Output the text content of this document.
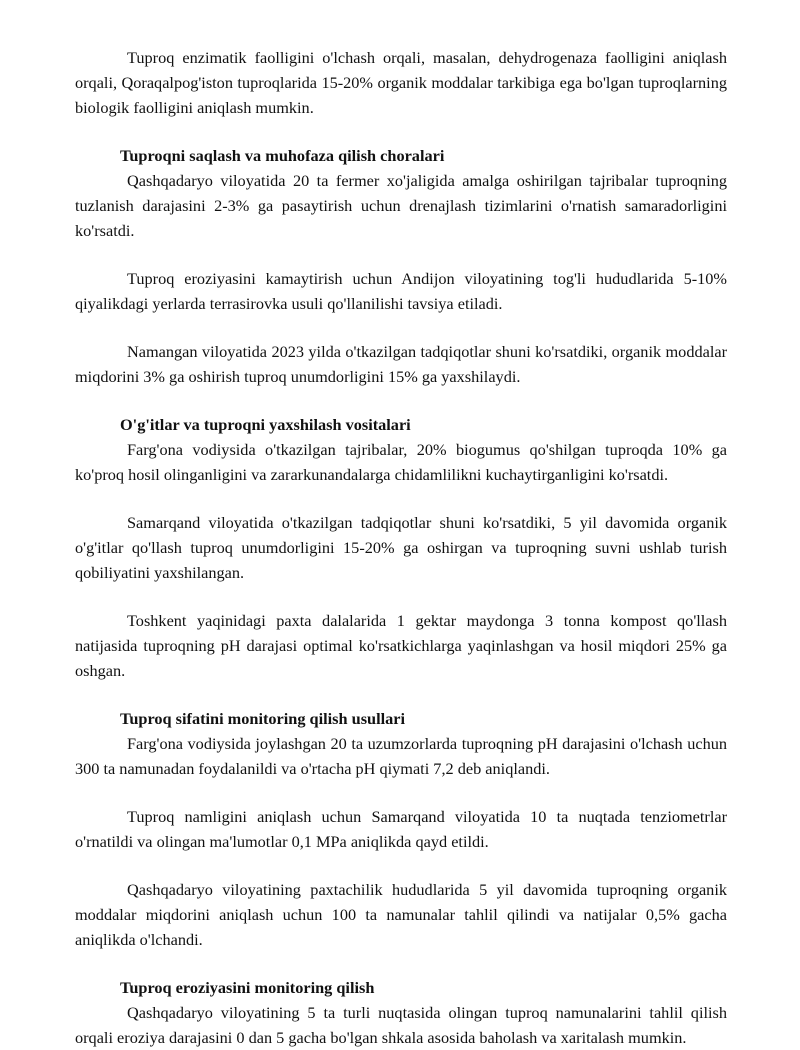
Tuproq enzimatik faolligini o'lchash orqali, masalan, dehydrogenaza faolligini aniqlash orqali, Qoraqalpog'iston tuproqlarida 15-20% organik moddalar tarkibiga ega bo'lgan tuproqlarning biologik faolligini aniqlash mumkin.

Tuproqni saqlash va muhofaza qilish choralari

Qashqadaryo viloyatida 20 ta fermer xo'jaligida amalga oshirilgan tajribalar tuproqning tuzlanish darajasini 2-3% ga pasaytirish uchun drenajlash tizimlarini o'rnatish samaradorligini ko'rsatdi.

Tuproq eroziyasini kamaytirish uchun Andijon viloyatining tog'li hududlarida 5-10% qiyalikdagi yerlarda terrasirovka usuli qo'llanilishi tavsiya etiladi.

Namangan viloyatida 2023 yilda o'tkazilgan tadqiqotlar shuni ko'rsatdiki, organik moddalar miqdorini 3% ga oshirish tuproq unumdorligini 15% ga yaxshilaydi.

O'g'itlar va tuproqni yaxshilash vositalari

Farg'ona vodiysida o'tkazilgan tajribalar, 20% biogumus qo'shilgan tuproqda 10% ga ko'proq hosil olinganligini va zararkunandalarga chidamlilikni kuchaytirganligini ko'rsatdi.

Samarqand viloyatida o'tkazilgan tadqiqotlar shuni ko'rsatdiki, 5 yil davomida organik o'g'itlar qo'llash tuproq unumdorligini 15-20% ga oshirgan va tuproqning suvni ushlab turish qobiliyatini yaxshilangan.

Toshkent yaqinidagi paxta dalalarida 1 gektar maydonga 3 tonna kompost qo'llash natijasida tuproqning pH darajasi optimal ko'rsatkichlarga yaqinlashgan va hosil miqdori 25% ga oshgan.

Tuproq sifatini monitoring qilish usullari

Farg'ona vodiysida joylashgan 20 ta uzumzorlarda tuproqning pH darajasini o'lchash uchun 300 ta namunadan foydalanildi va o'rtacha pH qiymati 7,2 deb aniqlandi.

Tuproq namligini aniqlash uchun Samarqand viloyatida 10 ta nuqtada tenziometrlar o'rnatildi va olingan ma'lumotlar 0,1 MPa aniqlikda qayd etildi.

Qashqadaryo viloyatining paxtachilik hududlarida 5 yil davomida tuproqning organik moddalar miqdorini aniqlash uchun 100 ta namunalar tahlil qilindi va natijalar 0,5% gacha aniqlikda o'lchandi.

Tuproq eroziyasini monitoring qilish

Qashqadaryo viloyatining 5 ta turli nuqtasida olingan tuproq namunalarini tahlil qilish orqali eroziya darajasini 0 dan 5 gacha bo'lgan shkala asosida baholash va xaritalash mumkin.
